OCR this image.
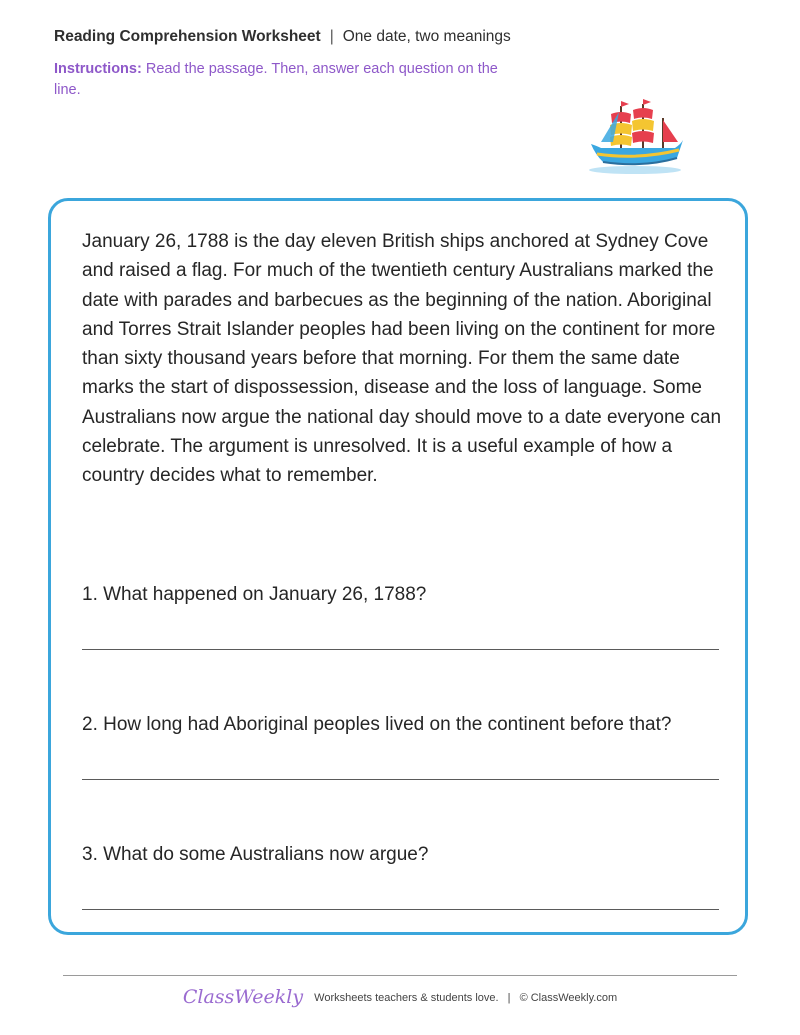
Reading Comprehension Worksheet | One date, two meanings
Instructions: Read the passage. Then, answer each question on the line.

January 26, 1788 is the day eleven British ships anchored at Sydney Cove and raised a flag. For much of the twentieth century Australians marked the date with parades and barbecues as the beginning of the nation. Aboriginal and Torres Strait Islander peoples had been living on the continent for more than sixty thousand years before that morning. For them the same date marks the start of dispossession, disease and the loss of language. Some Australians now argue the national day should move to a date everyone can celebrate. The argument is unresolved. It is a useful example of how a country decides what to remember.

1. What happened on January 26, 1788?
2. How long had Aboriginal peoples lived on the continent before that?
3. What do some Australians now argue?
ClassWeekly Worksheets teachers & students love. | © ClassWeekly.com
